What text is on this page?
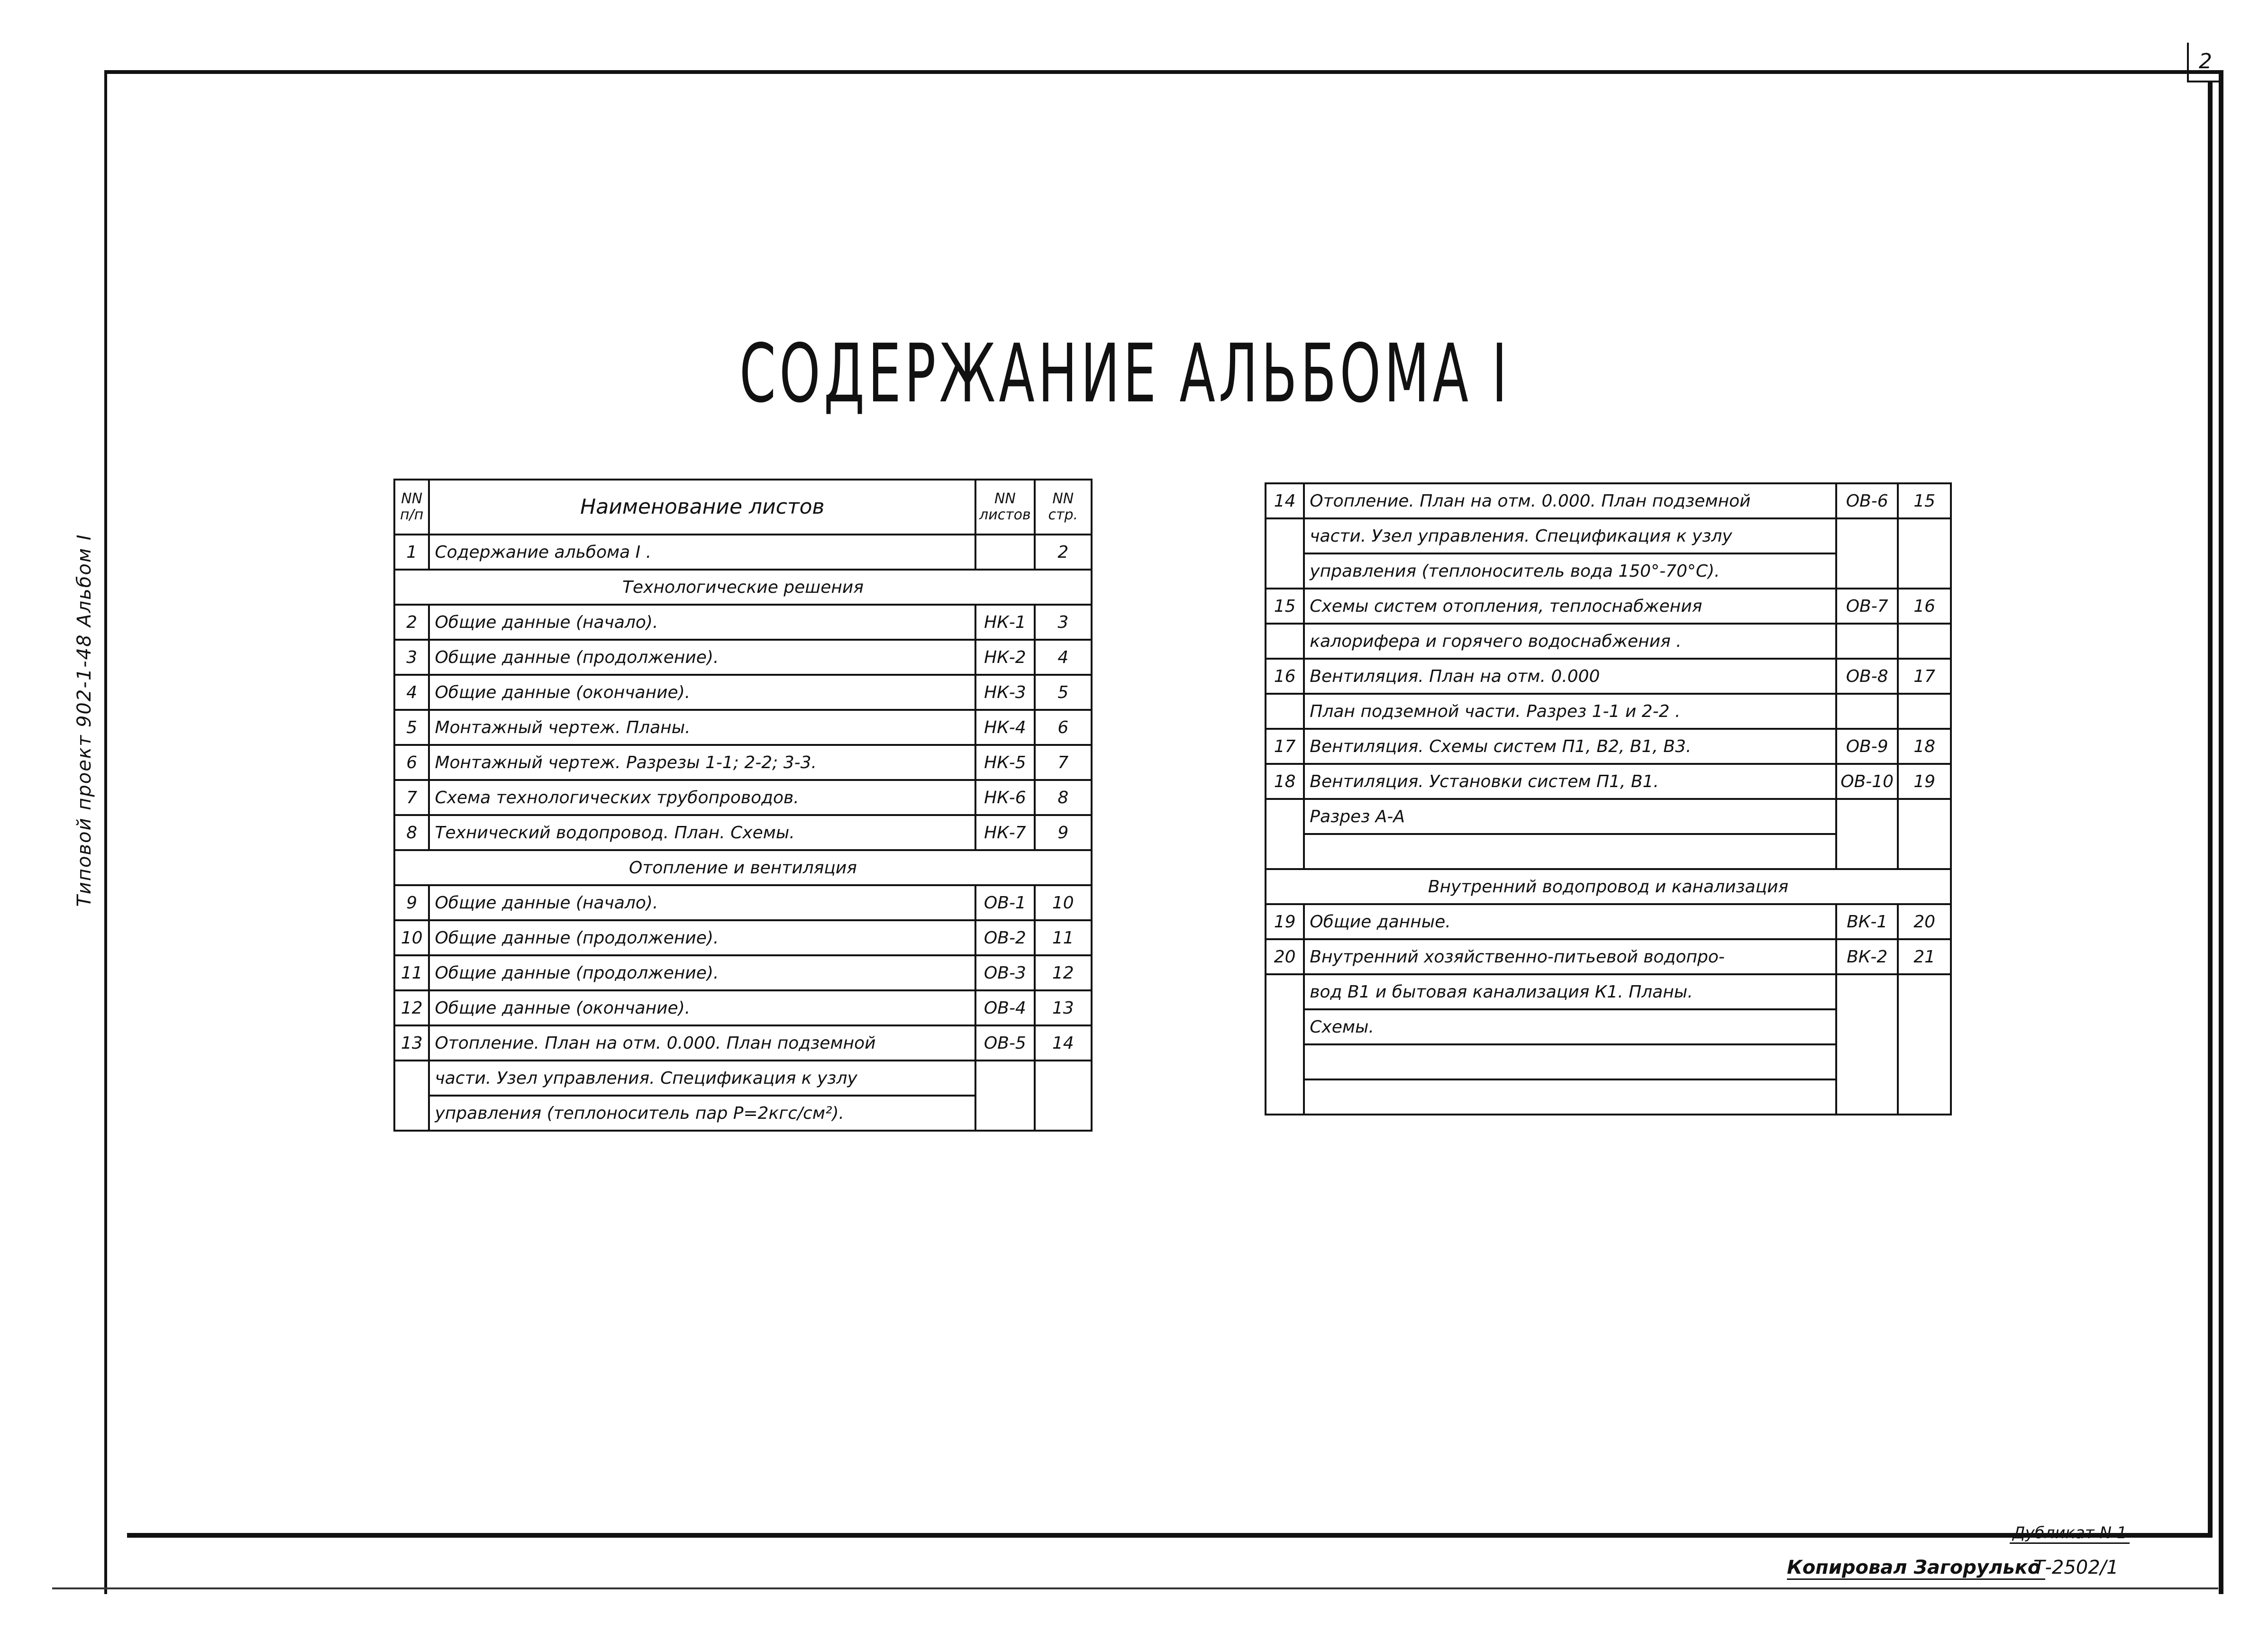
2
Типовой проект 902-1-48 Альбом I
СОДЕРЖАНИЕ АЛЬБОМА I
NN п/п	Наименование листов	NN листов	NN стр.
1	Содержание альбома I .		2
Технологические решения			
2	Общие данные (начало).	НК-1	3
3	Общие данные (продолжение).	НК-2	4
4	Общие данные (окончание).	НК-3	5
5	Монтажный чертеж. Планы.	НК-4	6
6	Монтажный чертеж. Разрезы 1-1; 2-2; 3-3.	НК-5	7
7	Схема технологических трубопроводов.	НК-6	8
8	Технический водопровод. План. Схемы.	НК-7	9
Отопление и вентиляция			
9	Общие данные (начало).	ОВ-1	10
10	Общие данные (продолжение).	ОВ-2	11
11	Общие данные (продолжение).	ОВ-3	12
12	Общие данные (окончание).	ОВ-4	13
13	Отопление. План на отм. 0.000. План подземной	ОВ-5	14
	части. Узел управления. Спецификация к узлу		
	управления (теплоноситель пар Р=2кгс/см²).		
14	Отопление. План на отм. 0.000. План подземной	ОВ-6	15
	части. Узел управления. Спецификация к узлу		
	управления (теплоноситель вода 150°-70°С).		
15	Схемы систем отопления, теплоснабжения	ОВ-7	16
	калорифера и горячего водоснабжения .		
16	Вентиляция. План на отм. 0.000	ОВ-8	17
	План подземной части. Разрез 1-1 и 2-2 .		
17	Вентиляция. Схемы систем П1, В2, В1, В3.	ОВ-9	18
18	Вентиляция. Установки систем П1, В1.	ОВ-10	19
	Разрез А-А		

Внутренний водопровод и канализация			
19	Общие данные.	ВК-1	20
20	Внутренний хозяйственно-питьевой водопро-	ВК-2	21
	вод В1 и бытовая канализация К1. Планы.		
	Схемы.		

Дубликат N 1
Копировал Загорулько
Т-2502/1
